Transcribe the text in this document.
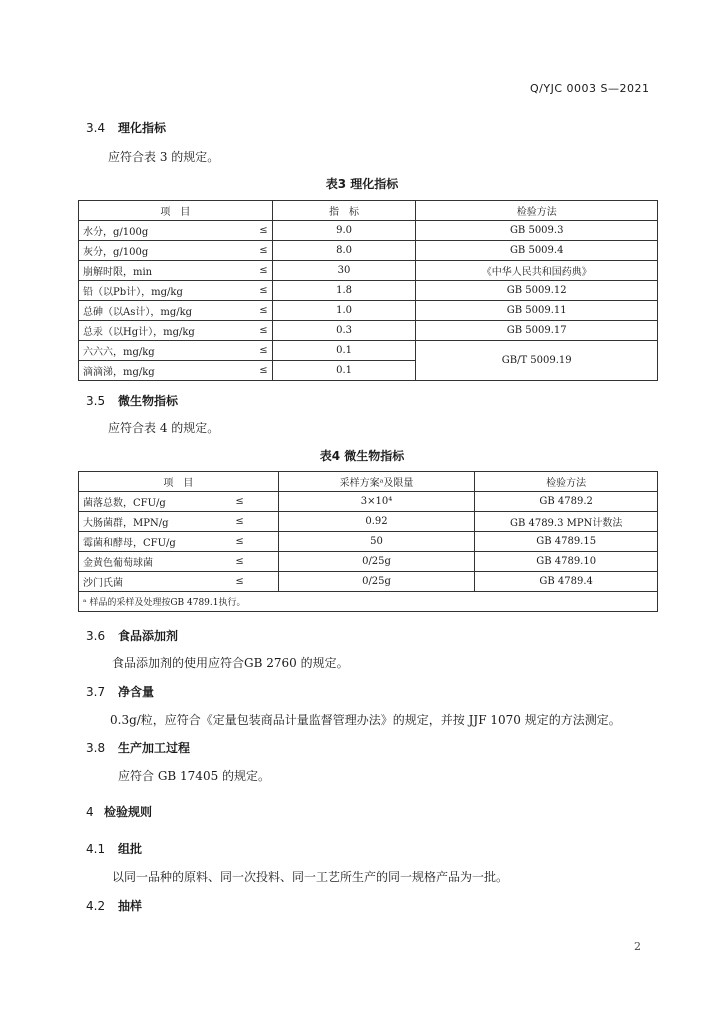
Q/YJC 0003 S—2021
3.4 理化指标
应符合表 3 的规定。
表3 理化指标
项　目	指　标	检验方法

水分，g/100g ≤	9.0	GB 5009.3

灰分，g/100g ≤	8.0	GB 5009.4

崩解时限，min ≤	30	《中华人民共和国药典》

铅（以Pb计），mg/kg ≤	1.8	GB 5009.12

总砷（以As计），mg/kg ≤	1.0	GB 5009.11

总汞（以Hg计），mg/kg ≤	0.3	GB 5009.17

六六六，mg/kg ≤	0.1	GB/T 5009.19

滴滴涕，mg/kg ≤	0.1	
3.5 微生物指标
应符合表 4 的规定。
表4 微生物指标
项　目	采样方案ᵃ及限量	检验方法

菌落总数，CFU/g ≤	3×10⁴	GB 4789.2

大肠菌群，MPN/g ≤	0.92	GB 4789.3 MPN计数法

霉菌和酵母，CFU/g ≤	50	GB 4789.15

金黄色葡萄球菌 ≤	0/25g	GB 4789.10

沙门氏菌 ≤	0/25g	GB 4789.4
ᵃ 样品的采样及处理按GB 4789.1执行。		
3.6 食品添加剂
食品添加剂的使用应符合GB 2760 的规定。
3.7 净含量
0.3g/粒，应符合《定量包装商品计量监督管理办法》的规定，并按 JJF 1070 规定的方法测定。
3.8 生产加工过程
应符合 GB 17405 的规定。
4 检验规则
4.1 组批
以同一品种的原料、同一次投料、同一工艺所生产的同一规格产品为一批。
4.2 抽样
2
